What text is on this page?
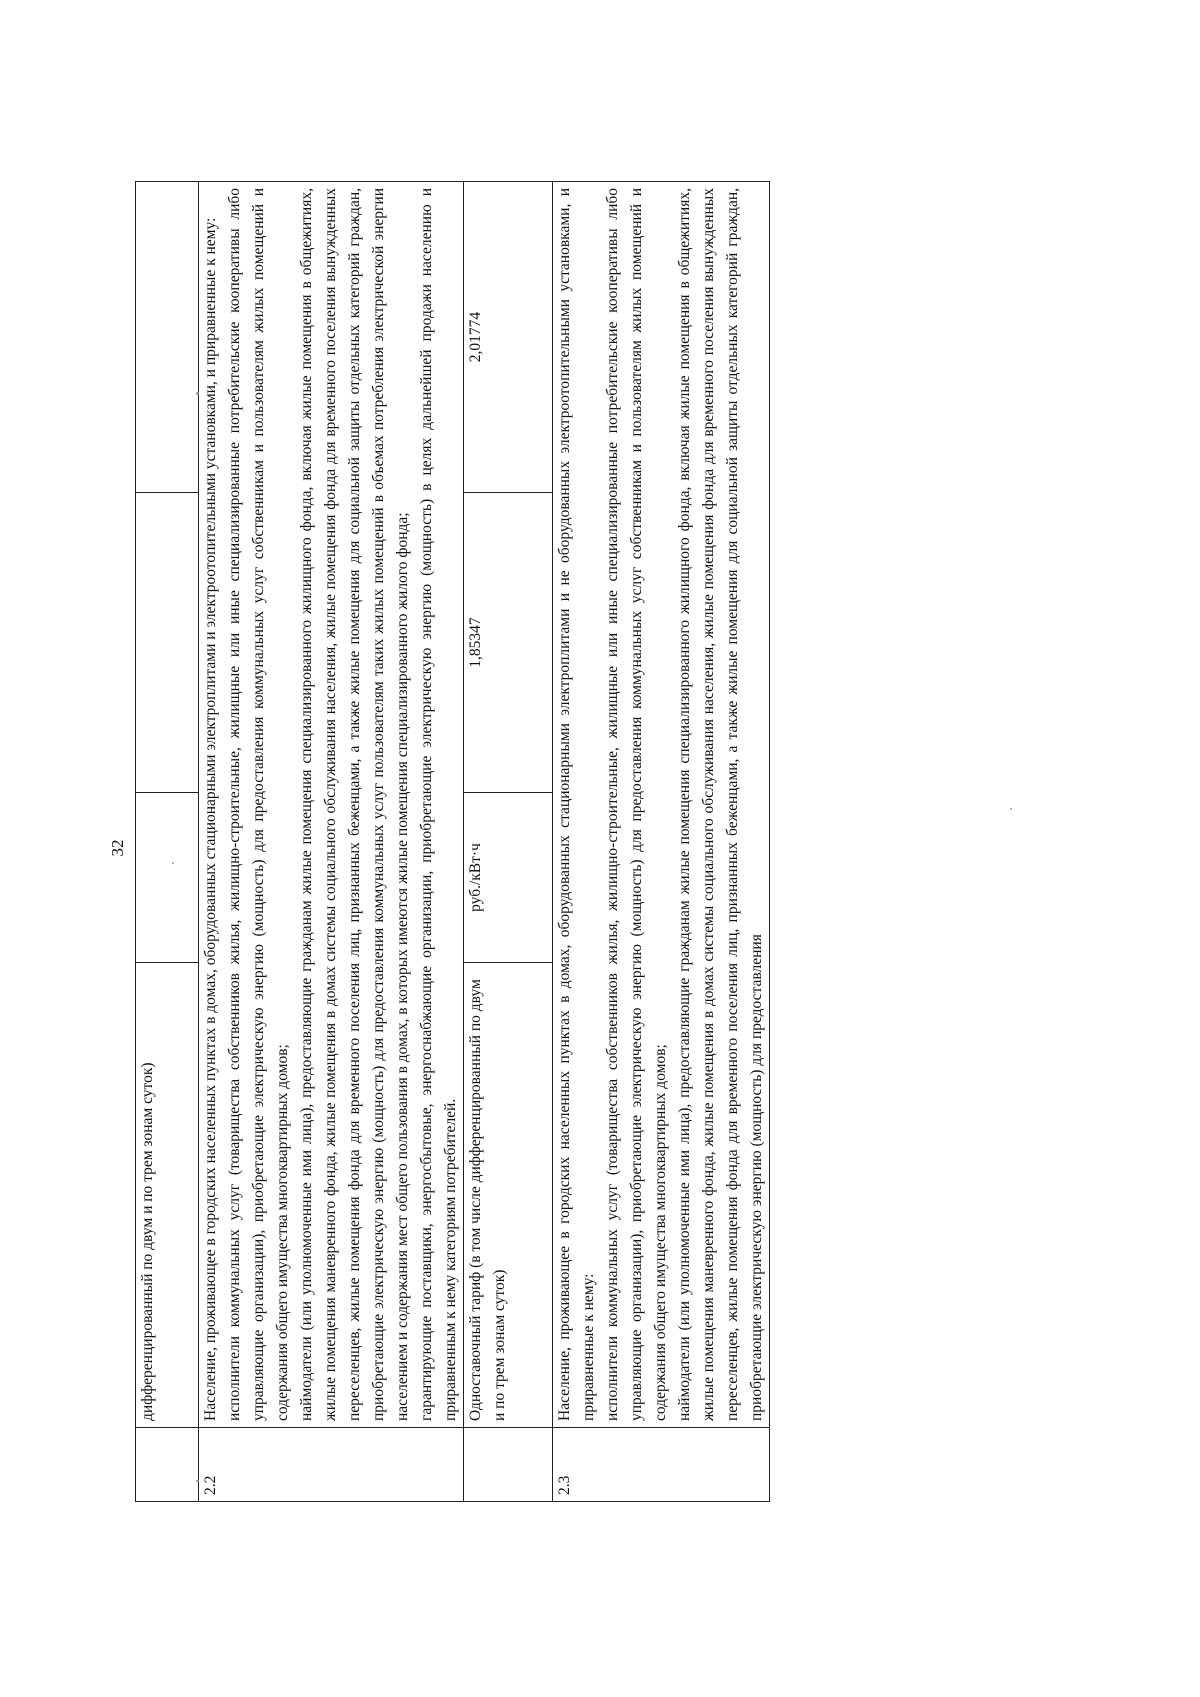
32
	дифференцированный по двум и по трем зонам суток)			
2.2	Население, проживающее в городских населенных пунктах в домах, оборудованных стационарными электроплитами и электроотопительными установками, и приравненные к нему: исполнители коммунальных услуг (товарищества собственников жилья, жилищно-строительные, жилищные или иные специализированные потребительские кооперативы либо управляющие организации), приобретающие электрическую энергию (мощность) для предоставления коммунальных услуг собственникам и пользователям жилых помещений и содержания общего имущества многоквартирных домов; наймодатели (или уполномоченные ими лица), предоставляющие гражданам жилые помещения специализированного жилищного фонда, включая жилые помещения в общежитиях, жилые помещения маневренного фонда, жилые помещения в домах системы социального обслуживания населения, жилые помещения фонда для временного поселения вынужденных переселенцев, жилые помещения фонда для временного поселения лиц, признанных беженцами, а также жилые помещения для социальной защиты отдельных категорий граждан, приобретающие электрическую энергию (мощность) для предоставления коммунальных услуг пользователям таких жилых помещений в объемах потребления электрической энергии населением и содержания мест общего пользования в домах, в которых имеются жилые помещения специализированного жилого фонда; гарантирующие поставщики, энергосбытовые, энергоснабжающие организации, приобретающие электрическую энергию (мощность) в целях дальнейшей продажи населению и приравненным к нему категориям потребителей.			

	Одноставочный тариф (в том числе дифференцированный по двум и по трем зонам суток)	руб./кВт·ч	1,85347	2,01774
2.3	Население, проживающее в городских населенных пунктах в домах, оборудованных стационарными электроплитами и не оборудованных электроотопительными установками, и приравненные к нему: исполнители коммунальных услуг (товарищества собственников жилья, жилищно-строительные, жилищные или иные специализированные потребительские кооперативы либо управляющие организации), приобретающие электрическую энергию (мощность) для предоставления коммунальных услуг собственникам и пользователям жилых помещений и содержания общего имущества многоквартирных домов; наймодатели (или уполномоченные ими лица), предоставляющие гражданам жилые помещения специализированного жилищного фонда, включая жилые помещения в общежитиях, жилые помещения маневренного фонда, жилые помещения в домах системы социального обслуживания населения, жилые помещения фонда для временного поселения вынужденных переселенцев, жилые помещения фонда для временного поселения лиц, признанных беженцами, а также жилые помещения для социальной защиты отдельных категорий граждан, приобретающие электрическую энергию (мощность) для предоставления			
